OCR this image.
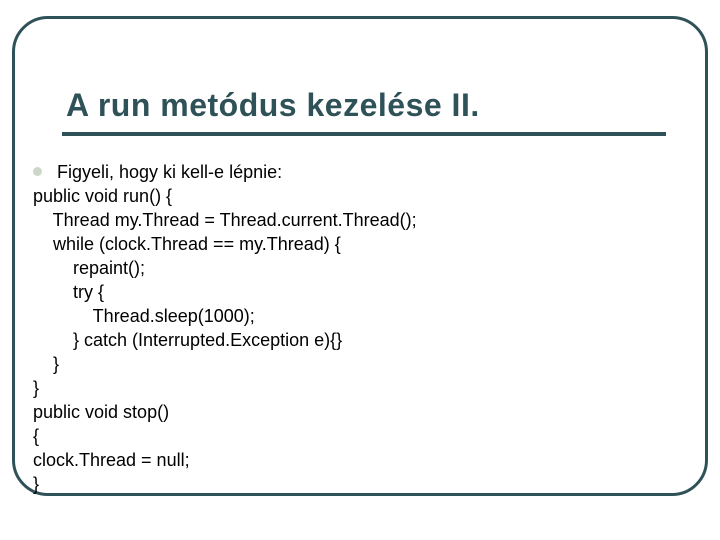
A run metódus kezelése II.
Figyeli, hogy ki kell-e lépnie:
public void run() {
Thread my.Thread = Thread.current.Thread();
while (clock.Thread == my.Thread) {
repaint();
try {
Thread.sleep(1000);
} catch (Interrupted.Exception e){}
}
}
public void stop()
{
clock.Thread = null;
}
